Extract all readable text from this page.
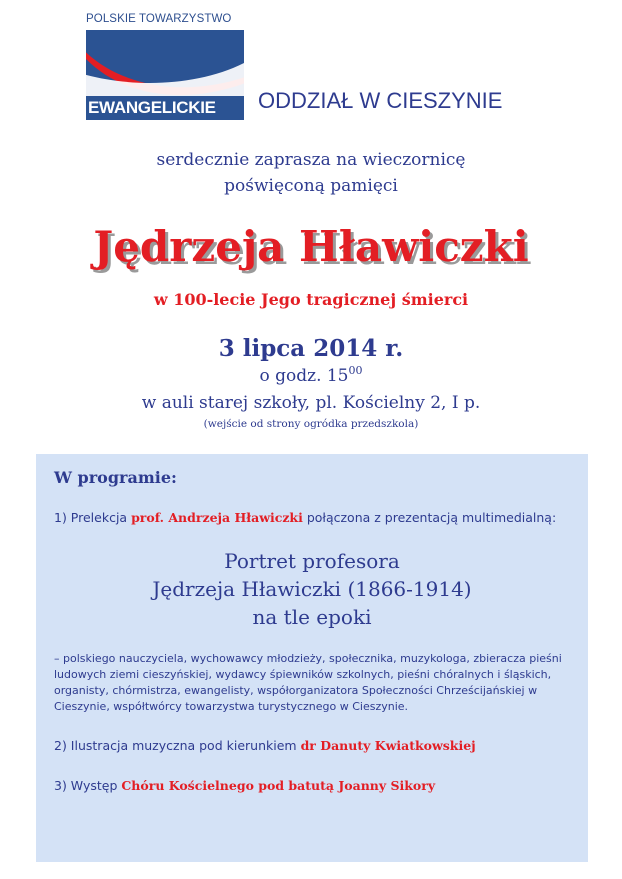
POLSKIE TOWARZYSTWO
EWANGELICKIE	ODDZIAŁ W CIESZYNIE
serdecznie zaprasza na wieczornicę
poświęconą pamięci
Jędrzeja Hławiczki
w 100-lecie Jego tragicznej śmierci
3 lipca 2014 r.
o godz. $15^{00}$
w auli starej szkoły, pl. Kościelny 2, I p.
(wejście od strony ogródka przedszkola)
W programie:
1) Prelekcja prof. Andrzeja Hławiczki połączona z prezentacją multimedialną:
Portret profesora
Jędrzeja Hławiczki (1866-1914)
na tle epoki
– polskiego nauczyciela, wychowawcy młodzieży, społecznika, muzykologa, zbieracza pieśni ludowych ziemi cieszyńskiej, wydawcy śpiewników szkolnych, pieśni chóralnych i śląskich, organisty, chórmistrza, ewangelisty, współorganizatora Społeczności Chrześcijańskiej w Cieszynie, współtwórcy towarzystwa turystycznego w Cieszynie.
2) Ilustracja muzyczna pod kierunkiem dr Danuty Kwiatkowskiej
3) Występ Chóru Kościelnego pod batutą Joanny Sikory
